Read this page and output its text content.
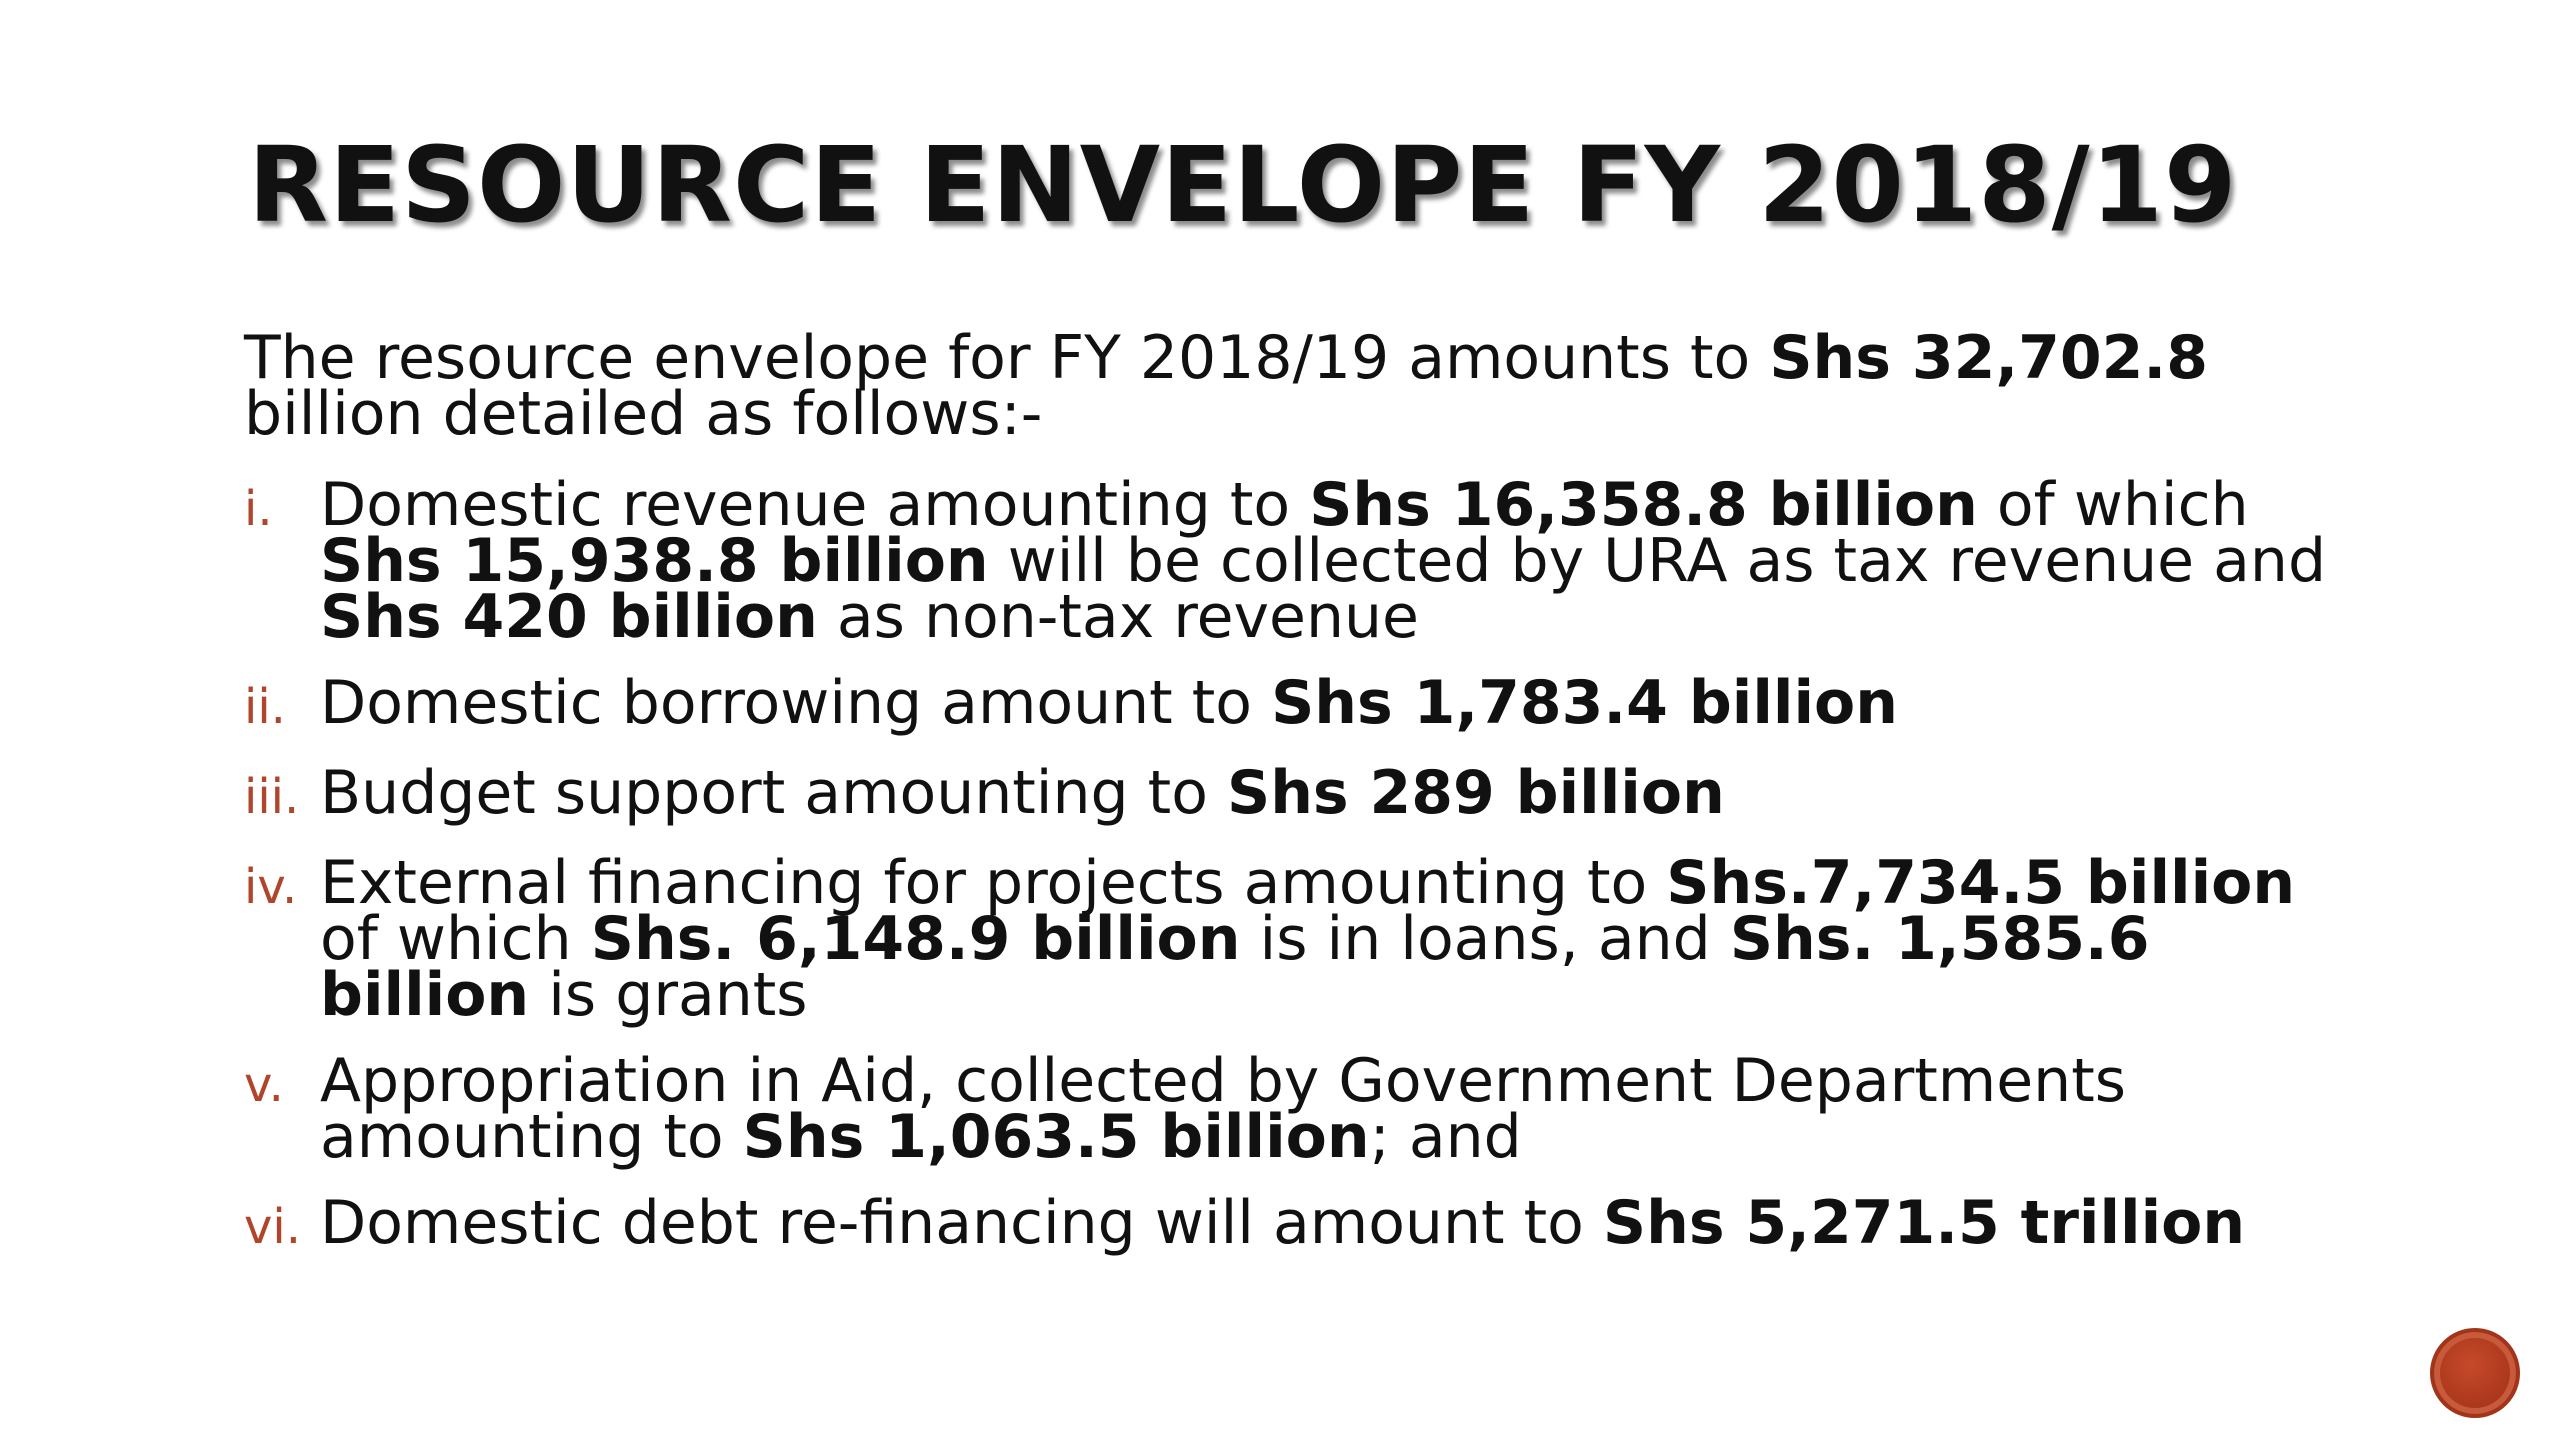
RESOURCE ENVELOPE FY 2018/19

The resource envelope for FY 2018/19 amounts to Shs 32,702.8 billion detailed as follows:-

i. Domestic revenue amounting to Shs 16,358.8 billion of which Shs 15,938.8 billion will be collected by URA as tax revenue and Shs 420 billion as non-tax revenue
ii. Domestic borrowing amount to Shs 1,783.4 billion
iii. Budget support amounting to Shs 289 billion
iv. External financing for projects amounting to Shs.7,734.5 billion of which Shs. 6,148.9 billion is in loans, and Shs. 1,585.6 billion is grants
v. Appropriation in Aid, collected by Government Departments amounting to Shs 1,063.5 billion; and
vi. Domestic debt re-financing will amount to Shs 5,271.5 trillion
